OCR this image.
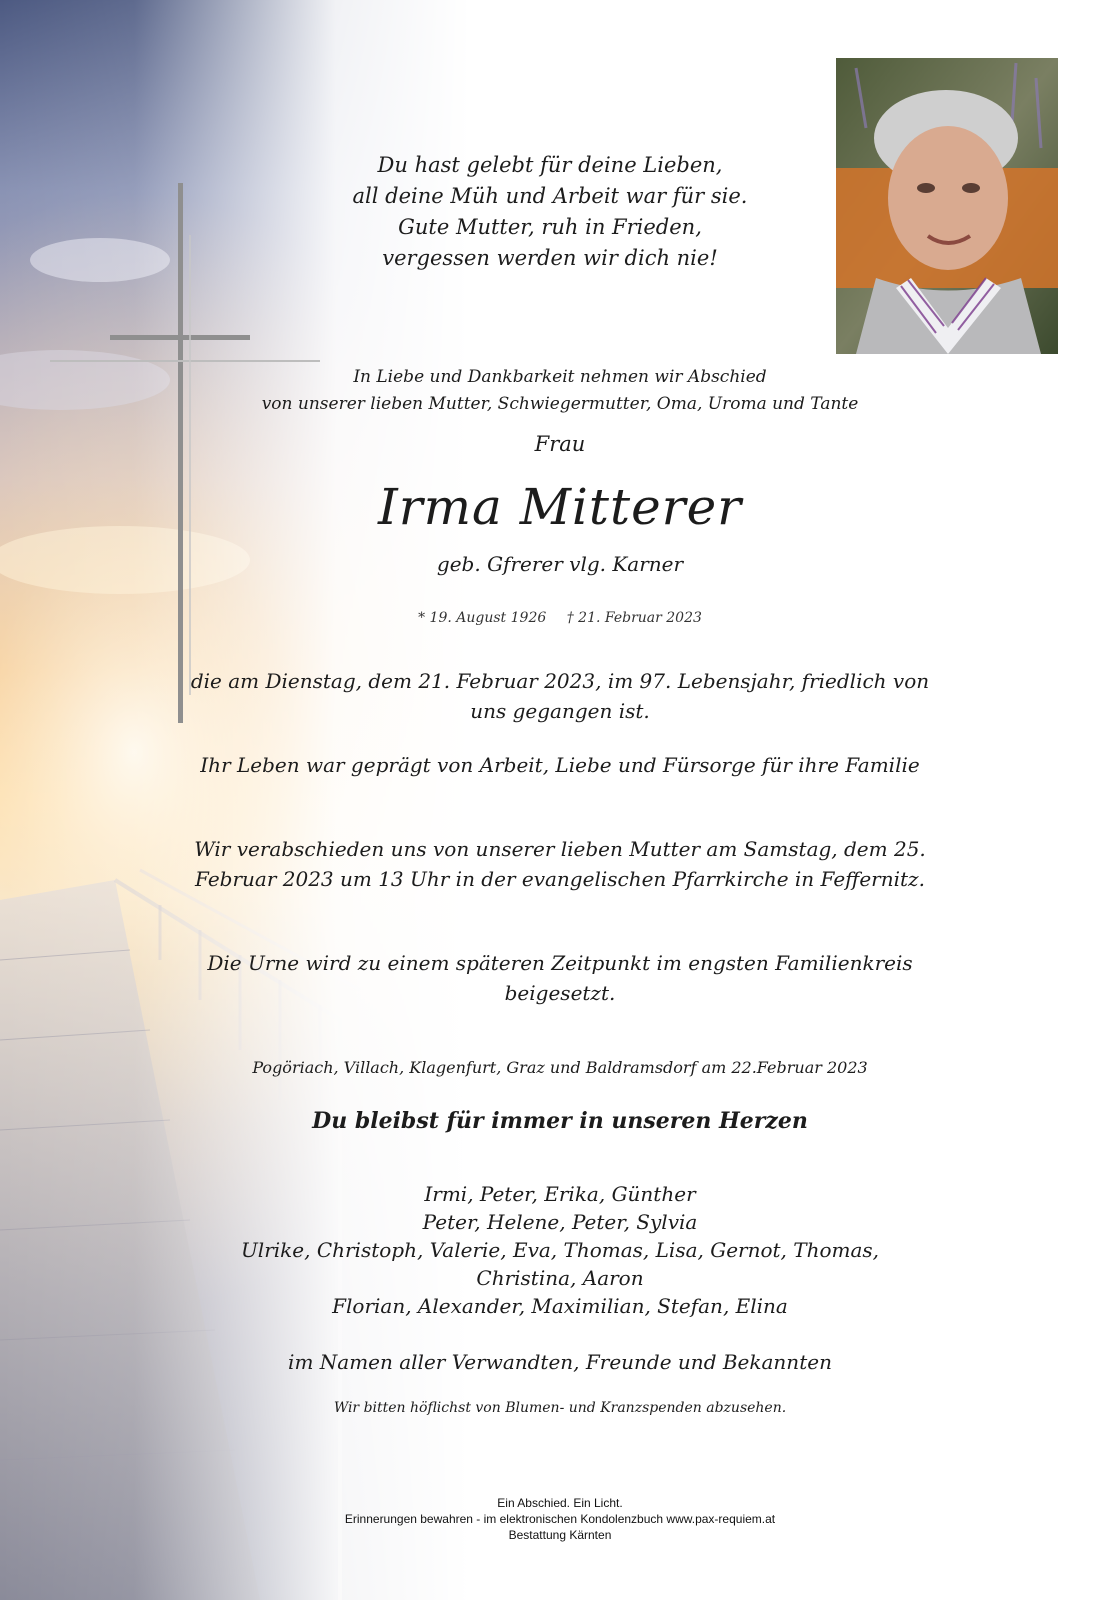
Du hast gelebt für deine Lieben,
all deine Müh und Arbeit war für sie.
Gute Mutter, ruh in Frieden,
vergessen werden wir dich nie!
In Liebe und Dankbarkeit nehmen wir Abschied
von unserer lieben Mutter, Schwiegermutter, Oma, Uroma und Tante
Frau
Irma Mitterer
geb. Gfrerer vlg. Karner
* 19. August 1926 † 21. Februar 2023

die am Dienstag, dem 21. Februar 2023, im 97. Lebensjahr, friedlich von uns gegangen ist.

Ihr Leben war geprägt von Arbeit, Liebe und Fürsorge für ihre Familie

Wir verabschieden uns von unserer lieben Mutter am Samstag, dem 25. Februar 2023 um 13 Uhr in der evangelischen Pfarrkirche in Feffernitz.

Die Urne wird zu einem späteren Zeitpunkt im engsten Familienkreis beigesetzt.

Pogöriach, Villach, Klagenfurt, Graz und Baldramsdorf am 22.Februar 2023
Du bleibst für immer in unseren Herzen
Irmi, Peter, Erika, Günther
Peter, Helene, Peter, Sylvia
Ulrike, Christoph, Valerie, Eva, Thomas, Lisa, Gernot, Thomas,
Christina, Aaron
Florian, Alexander, Maximilian, Stefan, Elina
im Namen aller Verwandten, Freunde und Bekannten
Wir bitten höflichst von Blumen- und Kranzspenden abzusehen.
Ein Abschied. Ein Licht.
Erinnerungen bewahren - im elektronischen Kondolenzbuch www.pax-requiem.at
Bestattung Kärnten
